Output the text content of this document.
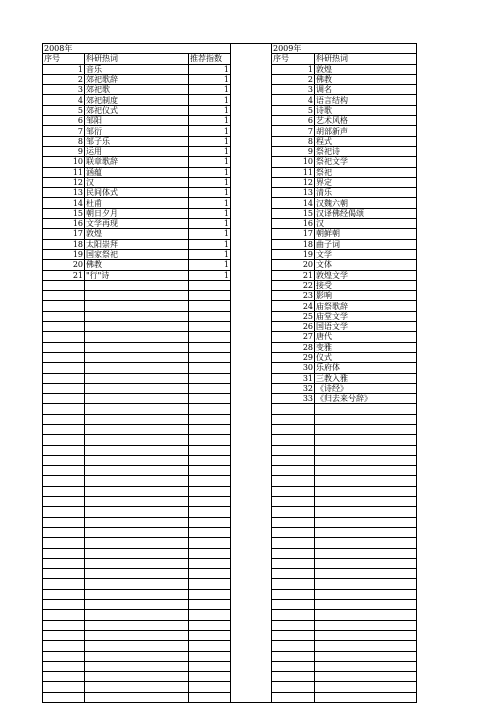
2008年				2009年	
序号	科研热词	推荐指数		序号	科研热词
1	音乐	1		1	敦煌
2	郊祀歌辞	1		2	佛教
3	郊祀歌	1		3	调名
4	郊祀制度	1		4	语言结构
5	郊祀仪式	1		5	诗歌
6	邹阳	1		6	艺术风格
7	邹衍	1		7	胡部新声
8	邹子乐	1		8	程式
9	运用	1		9	祭祀诗
10	联章歌辞	1		10	祭祀文学
11	涵蕴	1		11	祭祀
12	汉	1		12	界定
13	民间体式	1		13	清乐
14	杜甫	1		14	汉魏六朝
15	朝日夕月	1		15	汉译佛经偈颂
16	文学再现	1		16	汉
17	敦煌	1		17	朝鲜朝
18	太阳崇拜	1		18	曲子词
19	国家祭祀	1		19	文学
20	佛教	1		20	文体
21	"行"诗	1		21	敦煌文学
				22	接受
				23	影响
				24	庙祭歌辞
				25	庙堂文学
				26	国语文学
				27	唐代
				28	变雅
				29	仪式
				30	乐府体
				31	三教入雅
				32	《诗经》
				33	《归去来兮辞》
